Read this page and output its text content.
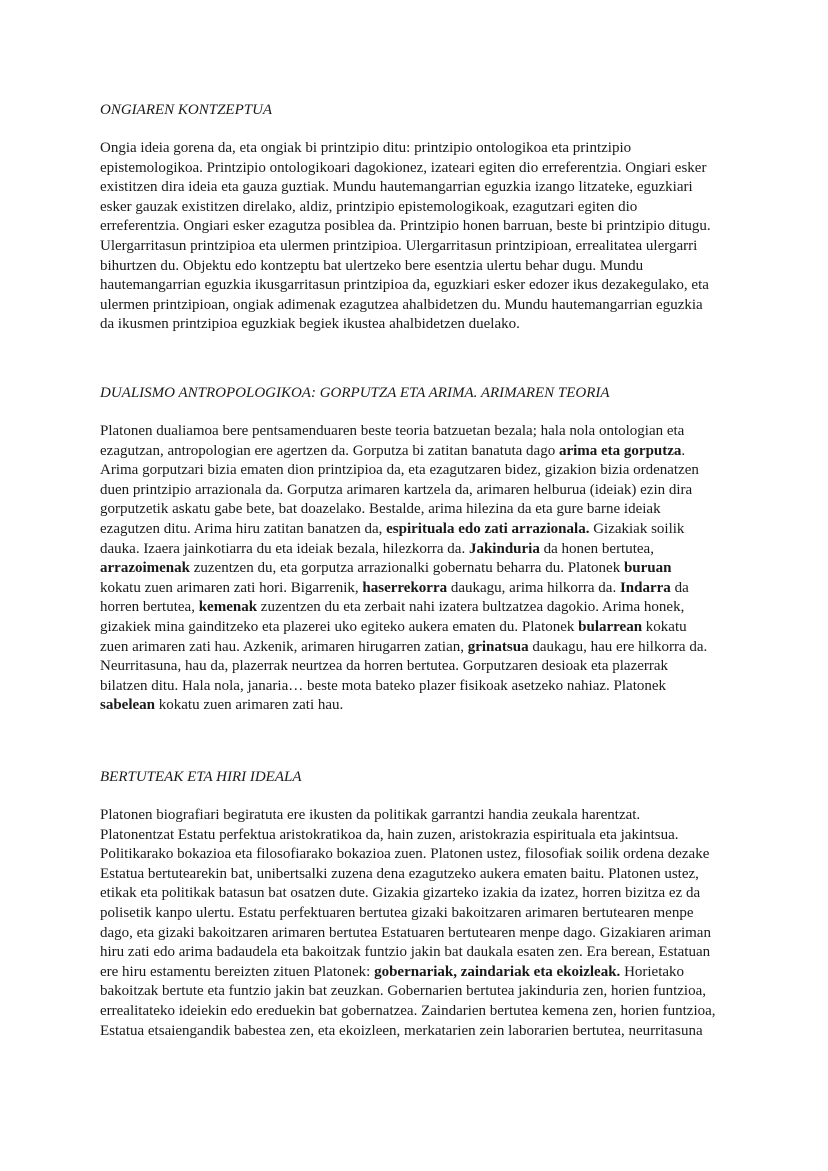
ONGIAREN KONTZEPTUA
Ongia ideia gorena da, eta ongiak bi printzipio ditu: printzipio ontologikoa eta printzipio
epistemologikoa. Printzipio ontologikoari dagokionez, izateari egiten dio erreferentzia. Ongiari esker
existitzen dira ideia eta gauza guztiak. Mundu hautemangarrian eguzkia izango litzateke, eguzkiari
esker gauzak existitzen direlako, aldiz, printzipio epistemologikoak, ezagutzari egiten dio
erreferentzia. Ongiari esker ezagutza posiblea da. Printzipio honen barruan, beste bi printzipio ditugu.
Ulergarritasun printzipioa eta ulermen printzipioa. Ulergarritasun printzipioan, errealitatea ulergarri
bihurtzen du. Objektu edo kontzeptu bat ulertzeko bere esentzia ulertu behar dugu. Mundu
hautemangarrian eguzkia ikusgarritasun printzipioa da, eguzkiari esker edozer ikus dezakegulako, eta
ulermen printzipioan, ongiak adimenak ezagutzea ahalbidetzen du. Mundu hautemangarrian eguzkia
da ikusmen printzipioa eguzkiak begiek ikustea ahalbidetzen duelako.
DUALISMO ANTROPOLOGIKOA: GORPUTZA ETA ARIMA. ARIMAREN TEORIA
Platonen dualiamoa bere pentsamenduaren beste teoria batzuetan bezala; hala nola ontologian eta
ezagutzan, antropologian ere agertzen da. Gorputza bi zatitan banatuta dago arima eta gorputza.
Arima gorputzari bizia ematen dion printzipioa da, eta ezagutzaren bidez, gizakion bizia ordenatzen
duen printzipio arrazionala da. Gorputza arimaren kartzela da, arimaren helburua (ideiak) ezin dira
gorputzetik askatu gabe bete, bat doazelako. Bestalde, arima hilezina da eta gure barne ideiak
ezagutzen ditu. Arima hiru zatitan banatzen da, espirituala edo zati arrazionala. Gizakiak soilik
dauka. Izaera jainkotiarra du eta ideiak bezala, hilezkorra da. Jakinduria da honen bertutea,
arrazoimenak zuzentzen du, eta gorputza arrazionalki gobernatu beharra du. Platonek buruan
kokatu zuen arimaren zati hori. Bigarrenik, haserrekorra daukagu, arima hilkorra da. Indarra da
horren bertutea, kemenak zuzentzen du eta zerbait nahi izatera bultzatzea dagokio. Arima honek,
gizakiek mina gainditzeko eta plazerei uko egiteko aukera ematen du. Platonek bularrean kokatu
zuen arimaren zati hau. Azkenik, arimaren hirugarren zatian, grinatsua daukagu, hau ere hilkorra da.
Neurritasuna, hau da, plazerrak neurtzea da horren bertutea. Gorputzaren desioak eta plazerrak
bilatzen ditu. Hala nola, janaria… beste mota bateko plazer fisikoak asetzeko nahiaz. Platonek
sabelean kokatu zuen arimaren zati hau.
BERTUTEAK ETA HIRI IDEALA
Platonen biografiari begiratuta ere ikusten da politikak garrantzi handia zeukala harentzat.
Platonentzat Estatu perfektua aristokratikoa da, hain zuzen, aristokrazia espirituala eta jakintsua.
Politikarako bokazioa eta filosofiarako bokazioa zuen. Platonen ustez, filosofiak soilik ordena dezake
Estatua bertutearekin bat, unibertsalki zuzena dena ezagutzeko aukera ematen baitu. Platonen ustez,
etikak eta politikak batasun bat osatzen dute. Gizakia gizarteko izakia da izatez, horren bizitza ez da
polisetik kanpo ulertu. Estatu perfektuaren bertutea gizaki bakoitzaren arimaren bertutearen menpe
dago, eta gizaki bakoitzaren arimaren bertutea Estatuaren bertutearen menpe dago. Gizakiaren ariman
hiru zati edo arima badaudela eta bakoitzak funtzio jakin bat daukala esaten zen. Era berean, Estatuan
ere hiru estamentu bereizten zituen Platonek: gobernariak, zaindariak eta ekoizleak. Horietako
bakoitzak bertute eta funtzio jakin bat zeuzkan. Gobernarien bertutea jakinduria zen, horien funtzioa,
errealitateko ideiekin edo ereduekin bat gobernatzea. Zaindarien bertutea kemena zen, horien funtzioa,
Estatua etsaiengandik babestea zen, eta ekoizleen, merkatarien zein laborarien bertutea, neurritasuna
